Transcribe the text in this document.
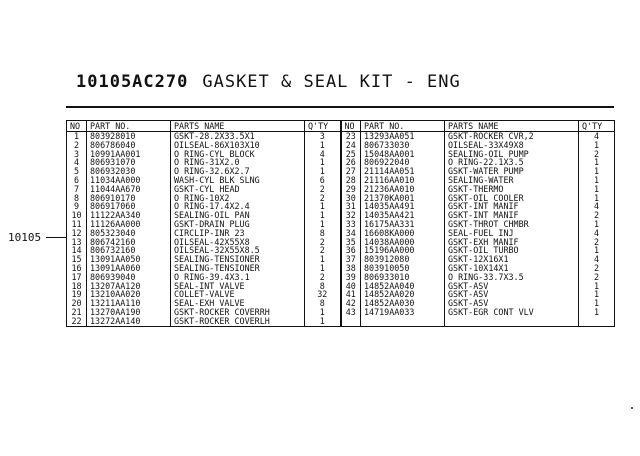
10105AC270 GASKET & SEAL KIT - ENG
10105
NO	PART NO.	PARTS NAME	Q'TY	NO	PART NO.	PARTS NAME	Q'TY
1	803928010	GSKT-28.2X33.5X1	3	23	13293AA051	GSKT-ROCKER CVR,2	4
2	806786040	OILSEAL-86X103X10	1	24	806733030	OILSEAL-33X49X8	1
3	10991AA001	O RING-CYL BLOCK	4	25	15048AA001	SEALING-OIL PUMP	2
4	806931070	O RING-31X2.0	1	26	806922040	O RING-22.1X3.5	1
5	806932030	O RING-32.6X2.7	1	27	21114AA051	GSKT-WATER PUMP	1
6	11034AA000	WASH-CYL BLK SLNG	6	28	21116AA010	SEALING-WATER	1
7	11044AA670	GSKT-CYL HEAD	2	29	21236AA010	GSKT-THERMO	1
8	806910170	O RING-10X2	2	30	21370KA001	GSKT-OIL COOLER	1
9	806917060	O RING-17.4X2.4	1	31	14035AA491	GSKT-INT MANIF	4
10	11122AA340	SEALING-OIL PAN	1	32	14035AA421	GSKT-INT MANIF	2
11	11126AA000	GSKT-DRAIN PLUG	1	33	16175AA331	GSKT-THROT CHMBR	1
12	805323040	CIRCLIP-INR 23	8	34	16608KA000	SEAL-FUEL INJ	4
13	806742160	OILSEAL-42X55X8	2	35	14038AA000	GSKT-EXH MANIF	2
14	806732160	OILSEAL-32X55X8.5	2	36	15196AA000	GSKT-OIL TURBO	1
15	13091AA050	SEALING-TENSIONER	1	37	803912080	GSKT-12X16X1	4
16	13091AA060	SEALING-TENSIONER	1	38	803910050	GSKT-10X14X1	2
17	806939040	O RING-39.4X3.1	2	39	806933010	O RING-33.7X3.5	2
18	13207AA120	SEAL-INT VALVE	8	40	14852AA040	GSKT-ASV	1
19	13210AA020	COLLET-VALVE	32	41	14852AA020	GSKT-ASV	1
20	13211AA110	SEAL-EXH VALVE	8	42	14852AA030	GSKT-ASV	1
21	13270AA190	GSKT-ROCKER COVERRH	1	43	14719AA033	GSKT-EGR CONT VLV	1
22	13272AA140	GSKT-ROCKER COVERLH	1				
